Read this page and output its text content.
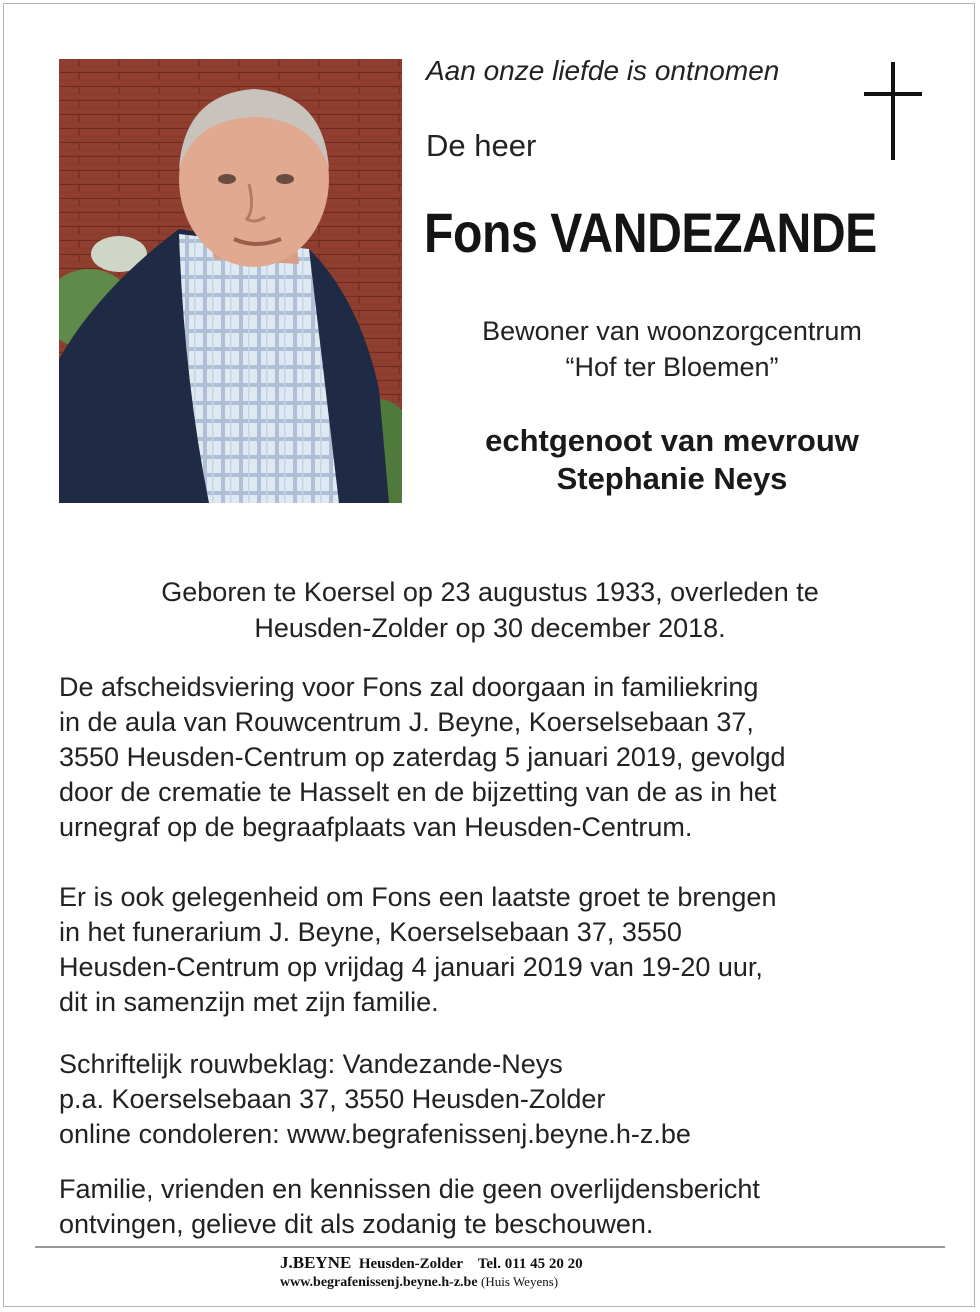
Aan onze liefde is ontnomen
De heer
Fons VANDEZANDE
Bewoner van woonzorgcentrum
“Hof ter Bloemen”
echtgenoot van mevrouw
Stephanie Neys
Geboren te Koersel op 23 augustus 1933, overleden te
Heusden-Zolder op 30 december 2018.
De afscheidsviering voor Fons zal doorgaan in familiekring
in de aula van Rouwcentrum J. Beyne, Koerselsebaan 37,
3550 Heusden-Centrum op zaterdag 5 januari 2019, gevolgd
door de crematie te Hasselt en de bijzetting van de as in het
urnegraf op de begraafplaats van Heusden-Centrum.
Er is ook gelegenheid om Fons een laatste groet te brengen
in het funerarium J. Beyne, Koerselsebaan 37, 3550
Heusden-Centrum op vrijdag 4 januari 2019 van 19-20 uur,
dit in samenzijn met zijn familie.
Schriftelijk rouwbeklag: Vandezande-Neys
p.a. Koerselsebaan 37, 3550 Heusden-Zolder
online condoleren: www.begrafenissenj.beyne.h-z.be
Familie, vrienden en kennissen die geen overlijdensbericht
ontvingen, gelieve dit als zodanig te beschouwen.
J.BEYNE Heusden-Zolder Tel. 011 45 20 20
www.begrafenissenj.beyne.h-z.be (Huis Weyens)
